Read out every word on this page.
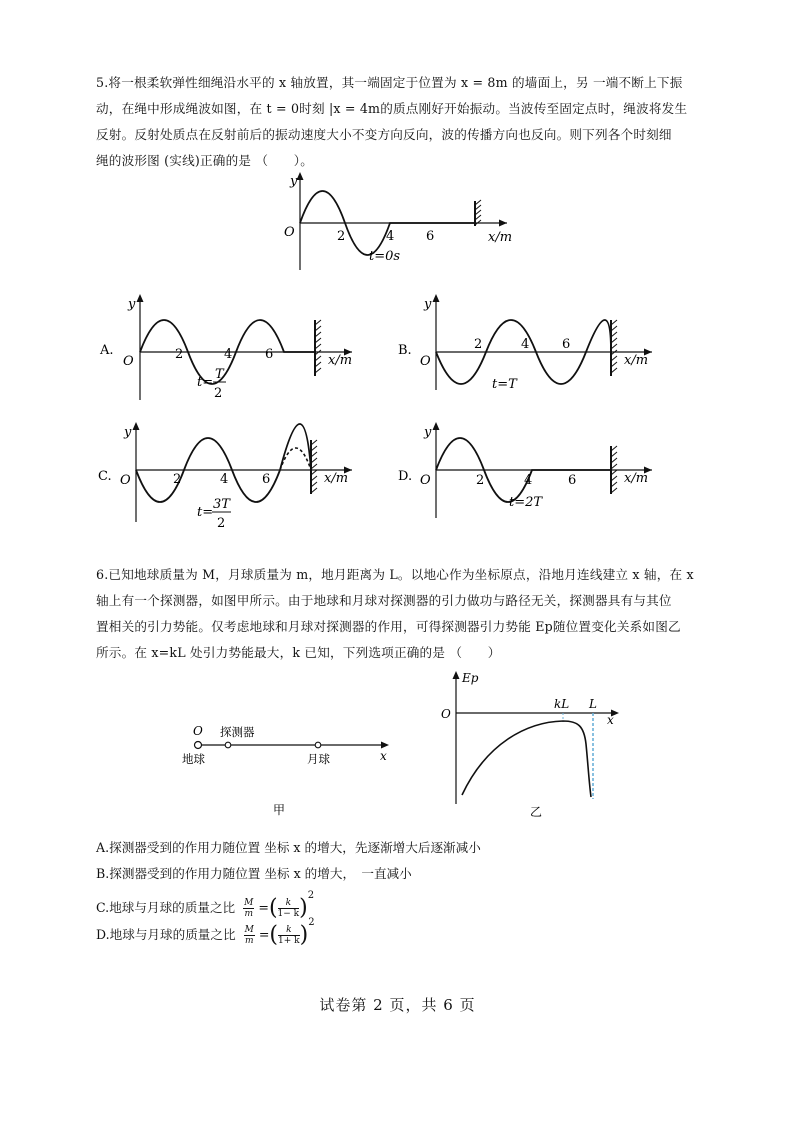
5.将一根柔软弹性细绳沿水平的 x 轴放置，其一端固定于位置为 x = 8m 的墙面上，另 一端不断上下振
动，在绳中形成绳波如图，在 t = 0时刻 |x = 4m的质点刚好开始振动。当波传至固定点时，绳波将发生
反射。反射处质点在反射前后的振动速度大小不变方向反向，波的传播方向也反向。则下列各个时刻细
绳的波形图 (实线)正确的是 （　　）。
y
O	2	4 6	x/m
t=0s
A.
y
O	2	4	6	x/m
t=
T
2
B.
y
O
2	4	6
x/m
t=T
C.
y
O	2	4	6	x/m
t=
3T
2
D.
y
O	2	4	6	x/m
t=2T
6.已知地球质量为 M，月球质量为 m，地月距离为 L。以地心作为坐标原点，沿地月连线建立 x 轴，在 x
轴上有一个探测器，如图甲所示。由于地球和月球对探测器的引力做功与路径无关，探测器具有与其位
置相关的引力势能。仅考虑地球和月球对探测器的作用，可得探测器引力势能 Ep随位置变化关系如图乙
所示。在 x=kL 处引力势能最大，k 已知，下列选项正确的是 （　　）
O 探测器
地球	月球	x
甲
Ep
O
kL L
x
乙
A.探测器受到的作用力随位置 坐标 x 的增大，先逐渐增大后逐渐减小
B.探测器受到的作用力随位置 坐标 x 的增大，　一直减小
C.地球与月球的质量之比 $\frac{M}{m}$ =( $\frac{k}{1- k} )^2$
D.地球与月球的质量之比 $\frac{M}{m}$ =( $\frac{k}{1+ k} )^2$
试卷第 2 页，共 6 页
